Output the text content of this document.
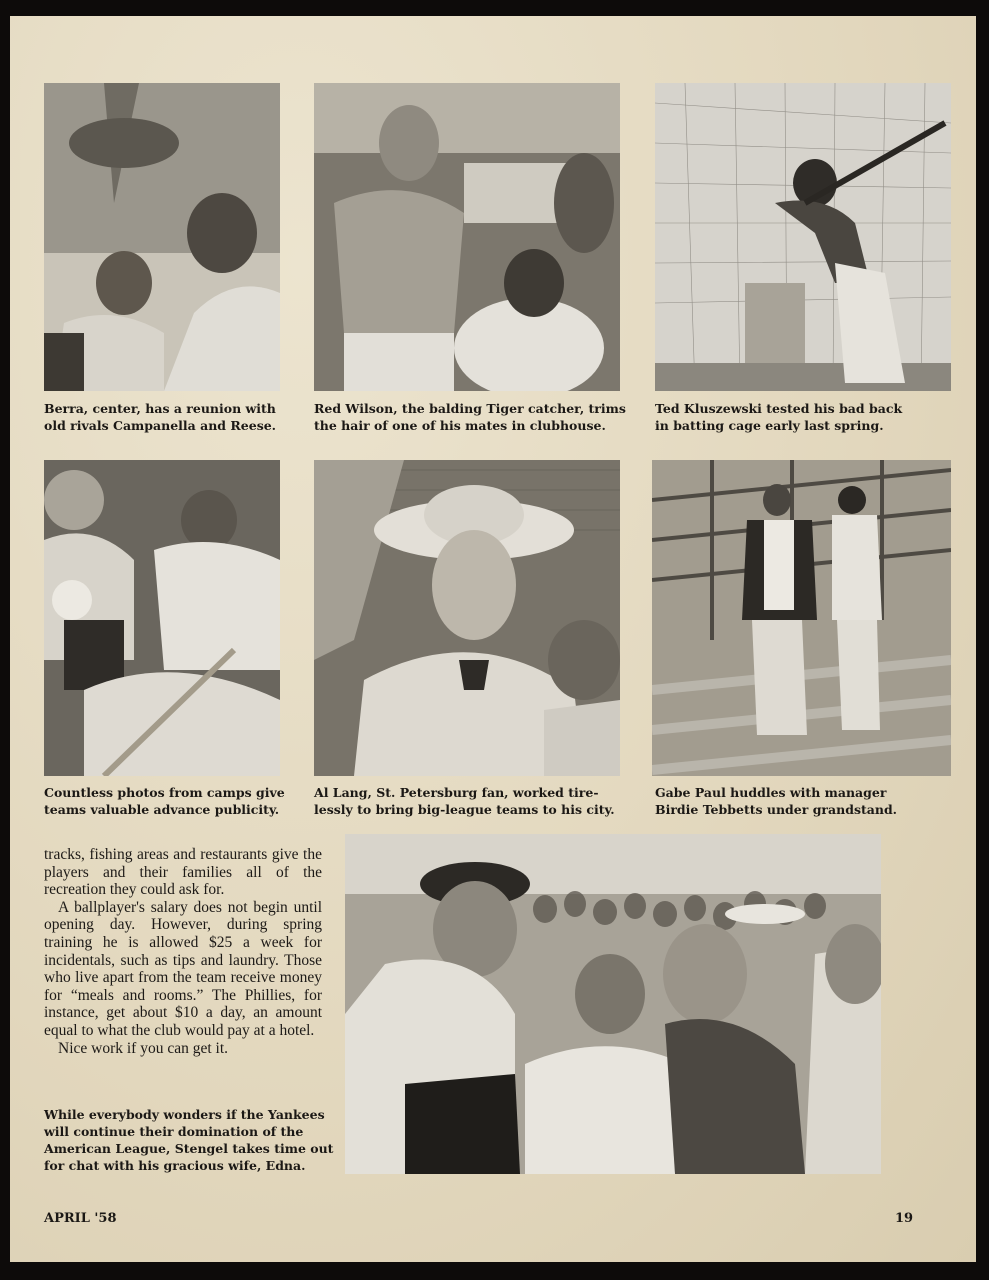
Berra, center, has a reunion with
old rivals Campanella and Reese.
Red Wilson, the balding Tiger catcher, trims
the hair of one of his mates in clubhouse.
Ted Kluszewski tested his bad back
in batting cage early last spring.
Countless photos from camps give
teams valuable advance publicity.
Al Lang, St. Petersburg fan, worked tire-
lessly to bring big-league teams to his city.
Gabe Paul huddles with manager
Birdie Tebbetts under grandstand.

tracks, fishing areas and restaurants give the players and their families all of the recreation they could ask for.

A ballplayer's salary does not begin until opening day. However, during spring training he is allowed $25 a week for incidentals, such as tips and laundry. Those who live apart from the team receive money for “meals and rooms.” The Phillies, for instance, get about $10 a day, an amount equal to what the club would pay at a hotel.

Nice work if you can get it.

While everybody wonders if the Yankees
will continue their domination of the
American League, Stengel takes time out
for chat with his gracious wife, Edna.
APRIL '58	19
